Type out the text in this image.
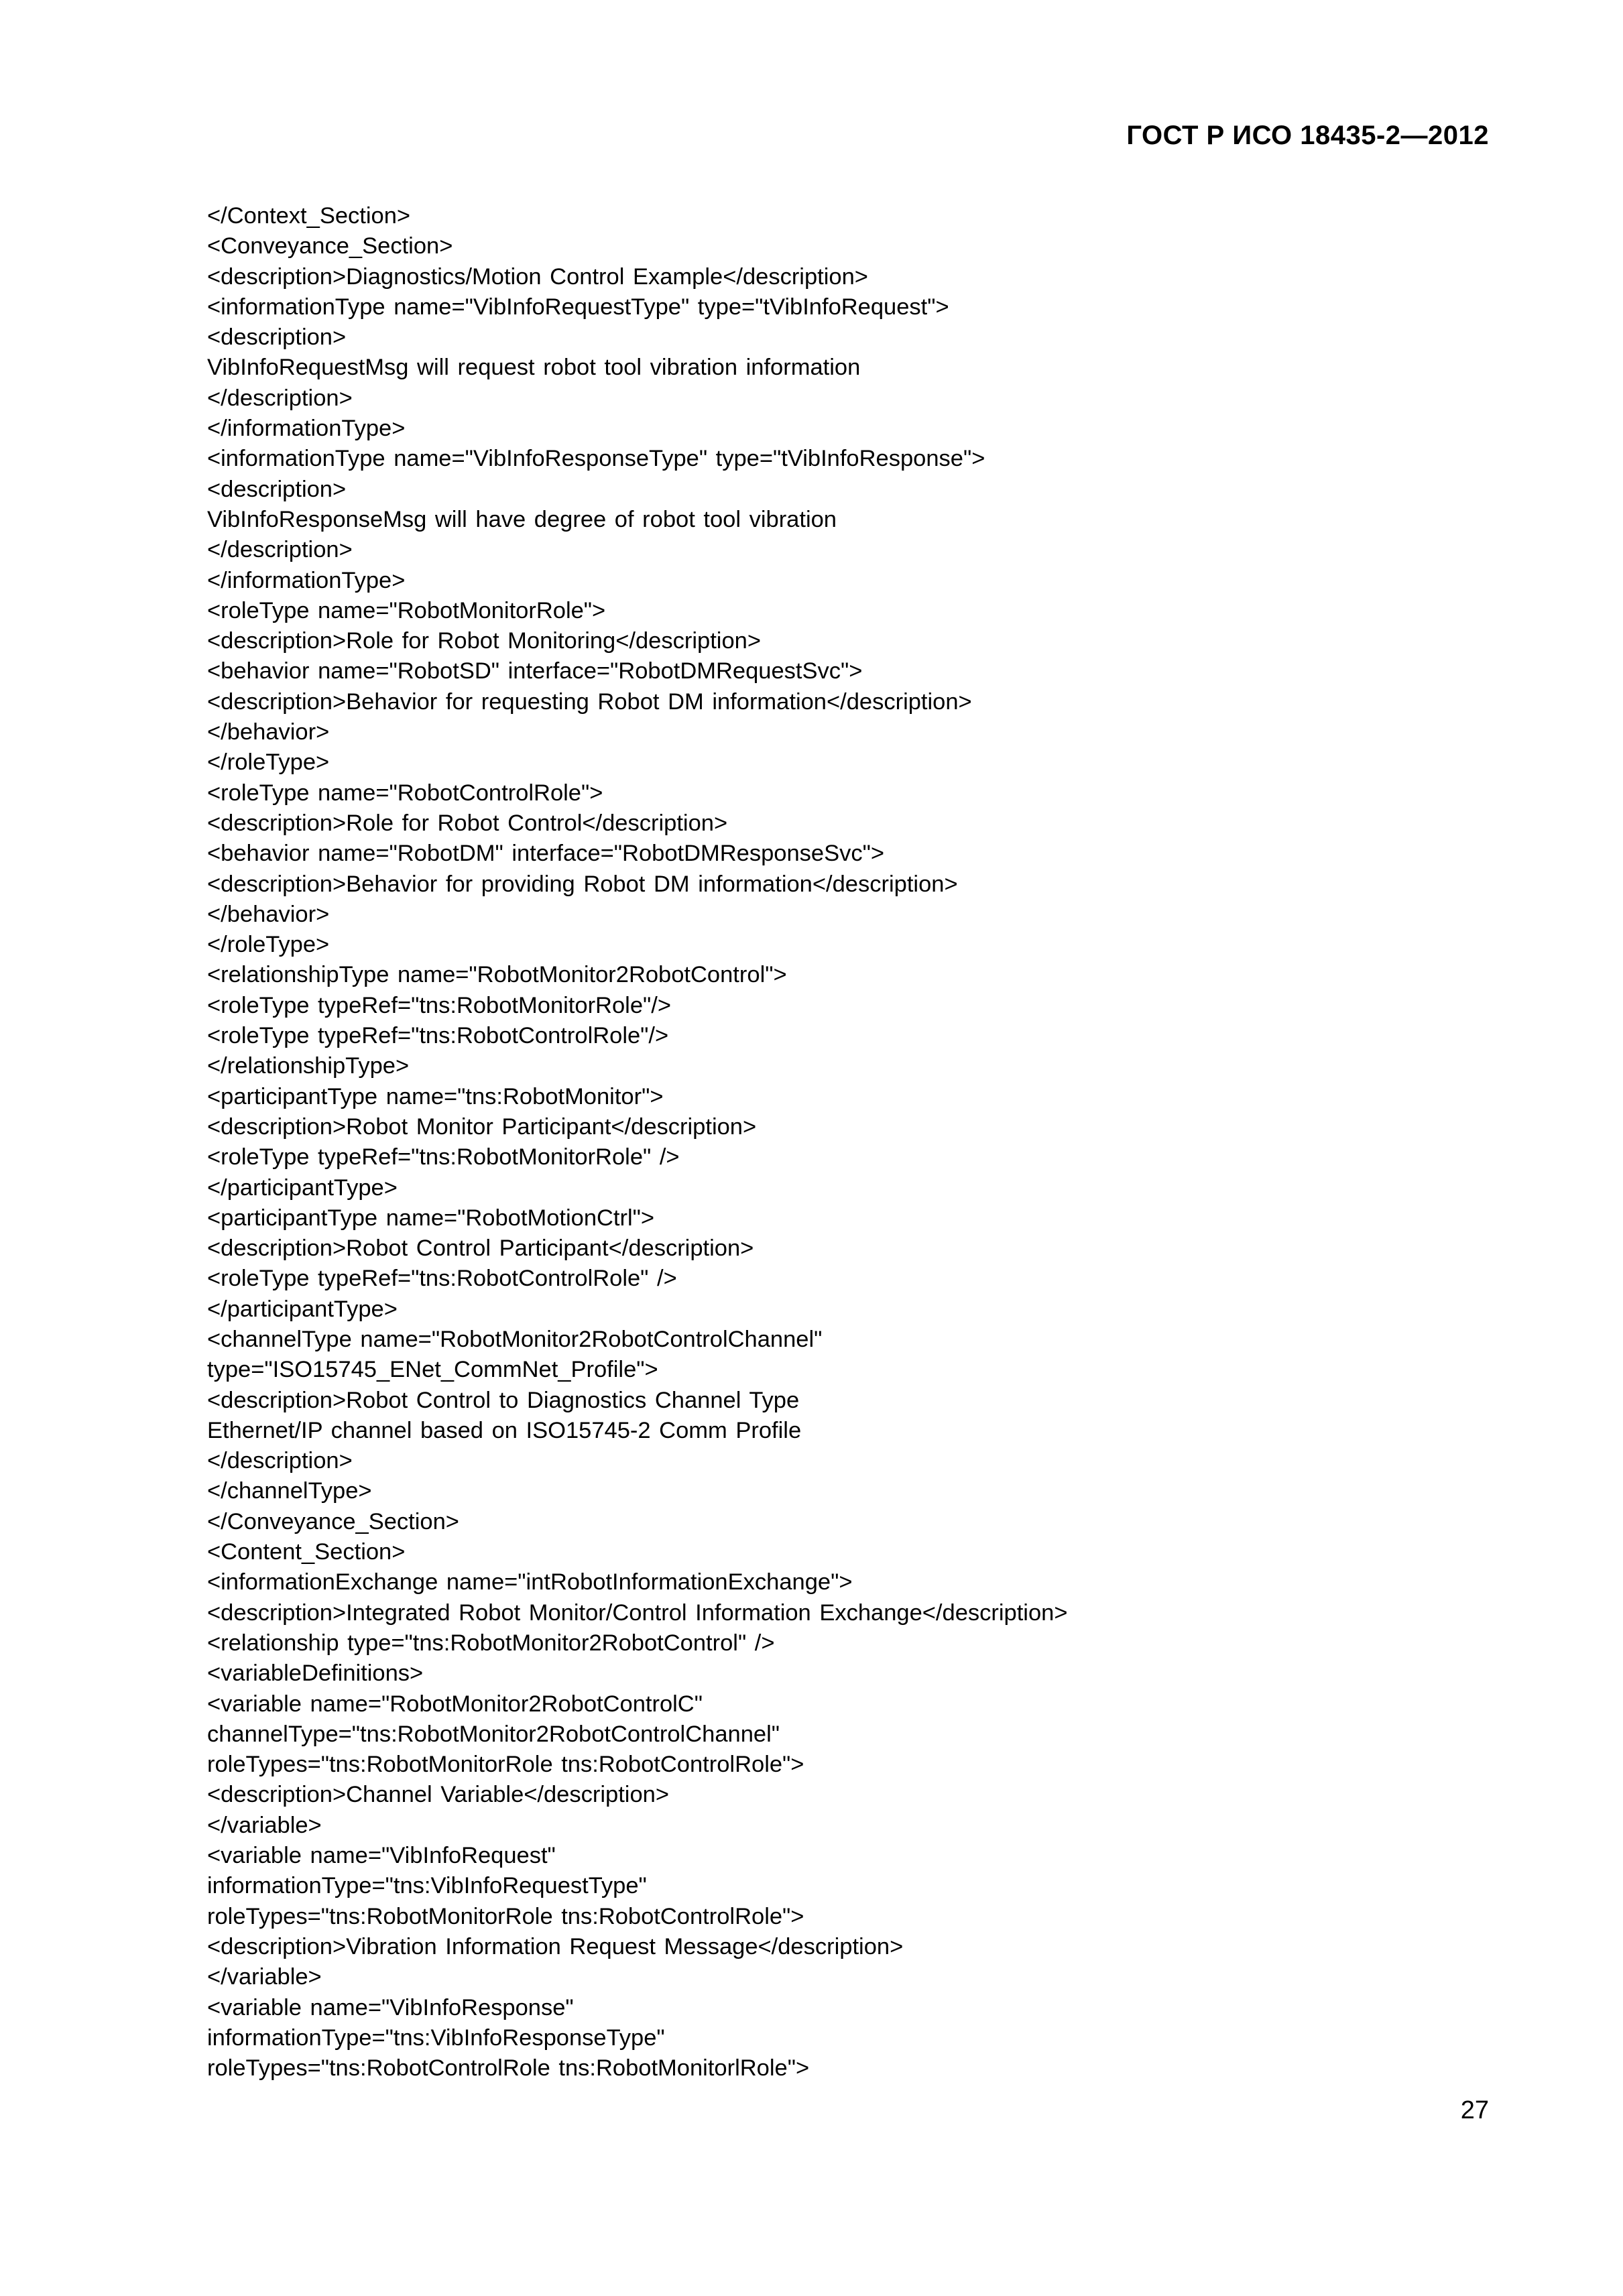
ГОСТ Р ИСО 18435-2—2012
</Context_Section>
<Conveyance_Section>
<description>Diagnostics/Motion Control Example</description>
<informationType name="VibInfoRequestType" type="tVibInfoRequest">
<description>
VibInfoRequestMsg will request robot tool vibration information
</description>
</informationType>
<informationType name="VibInfoResponseType" type="tVibInfoResponse">
<description>
VibInfoResponseMsg will have degree of robot tool vibration
</description>
</informationType>
<roleType name="RobotMonitorRole">
<description>Role for Robot Monitoring</description>
<behavior name="RobotSD" interface="RobotDMRequestSvc">
<description>Behavior for requesting Robot DM information</description>
</behavior>
</roleType>
<roleType name="RobotControlRole">
<description>Role for Robot Control</description>
<behavior name="RobotDM" interface="RobotDMResponseSvc">
<description>Behavior for providing Robot DM information</description>
</behavior>
</roleType>
<relationshipType name="RobotMonitor2RobotControl">
<roleType typeRef="tns:RobotMonitorRole"/>
<roleType typeRef="tns:RobotControlRole"/>
</relationshipType>
<participantType name="tns:RobotMonitor">
<description>Robot Monitor Participant</description>
<roleType typeRef="tns:RobotMonitorRole" />
</participantType>
<participantType name="RobotMotionCtrl">
<description>Robot Control Participant</description>
<roleType typeRef="tns:RobotControlRole" />
</participantType>
<channelType name="RobotMonitor2RobotControlChannel"
type="ISO15745_ENet_CommNet_Profile">
<description>Robot Control to Diagnostics Channel Type
Ethernet/IP channel based on ISO15745-2 Comm Profile
</description>
</channelType>
</Conveyance_Section>
<Content_Section>
<informationExchange name="intRobotInformationExchange">
<description>Integrated Robot Monitor/Control Information Exchange</description>
<relationship type="tns:RobotMonitor2RobotControl" />
<variableDefinitions>
<variable name="RobotMonitor2RobotControlC"
channelType="tns:RobotMonitor2RobotControlChannel"
roleTypes="tns:RobotMonitorRole tns:RobotControlRole">
<description>Channel Variable</description>
</variable>
<variable name="VibInfoRequest"
informationType="tns:VibInfoRequestType"
roleTypes="tns:RobotMonitorRole tns:RobotControlRole">
<description>Vibration Information Request Message</description>
</variable>
<variable name="VibInfoResponse"
informationType="tns:VibInfoResponseType"
roleTypes="tns:RobotControlRole tns:RobotMonitorlRole">
27
